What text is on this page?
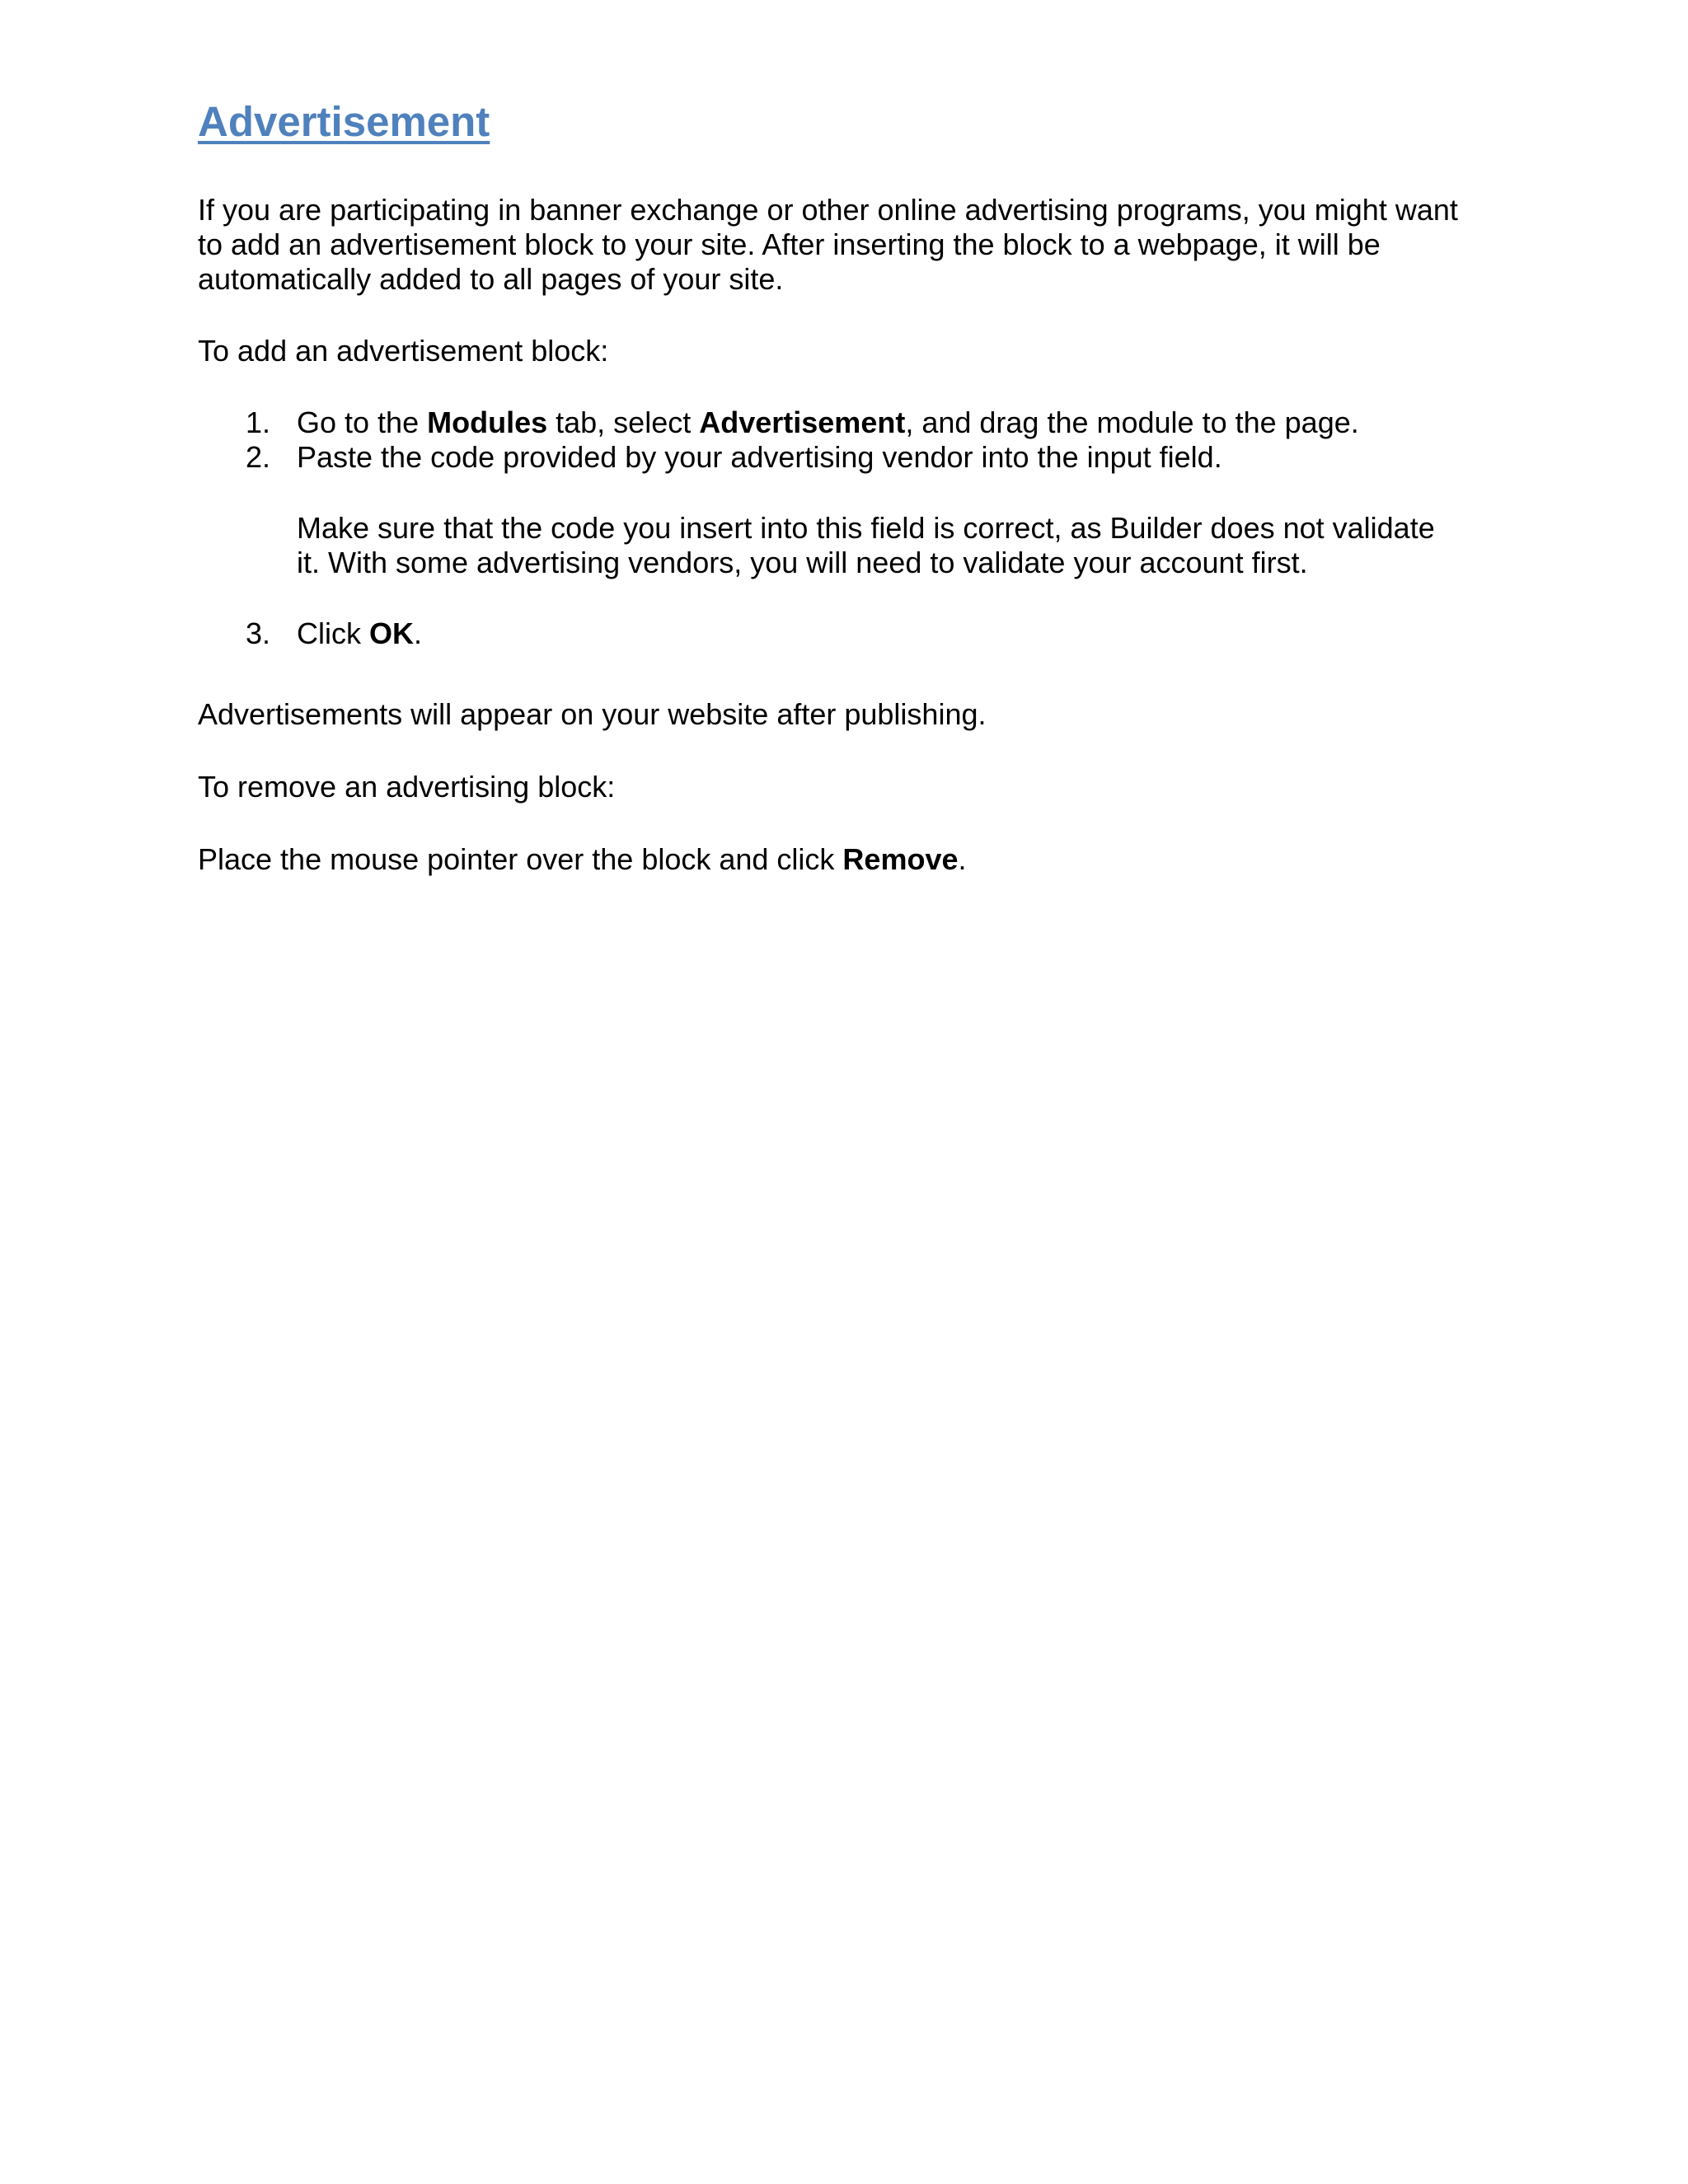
Advertisement

If you are participating in banner exchange or other online advertising programs, you might want
to add an advertisement block to your site. After inserting the block to a webpage, it will be
automatically added to all pages of your site.

To add an advertisement block:

1. Go to the Modules tab, select Advertisement, and drag the module to the page.
2. Paste the code provided by your advertising vendor into the input field.
Make sure that the code you insert into this field is correct, as Builder does not validate
it. With some advertising vendors, you will need to validate your account first.
3. Click OK.

Advertisements will appear on your website after publishing.

To remove an advertising block:

Place the mouse pointer over the block and click Remove.
